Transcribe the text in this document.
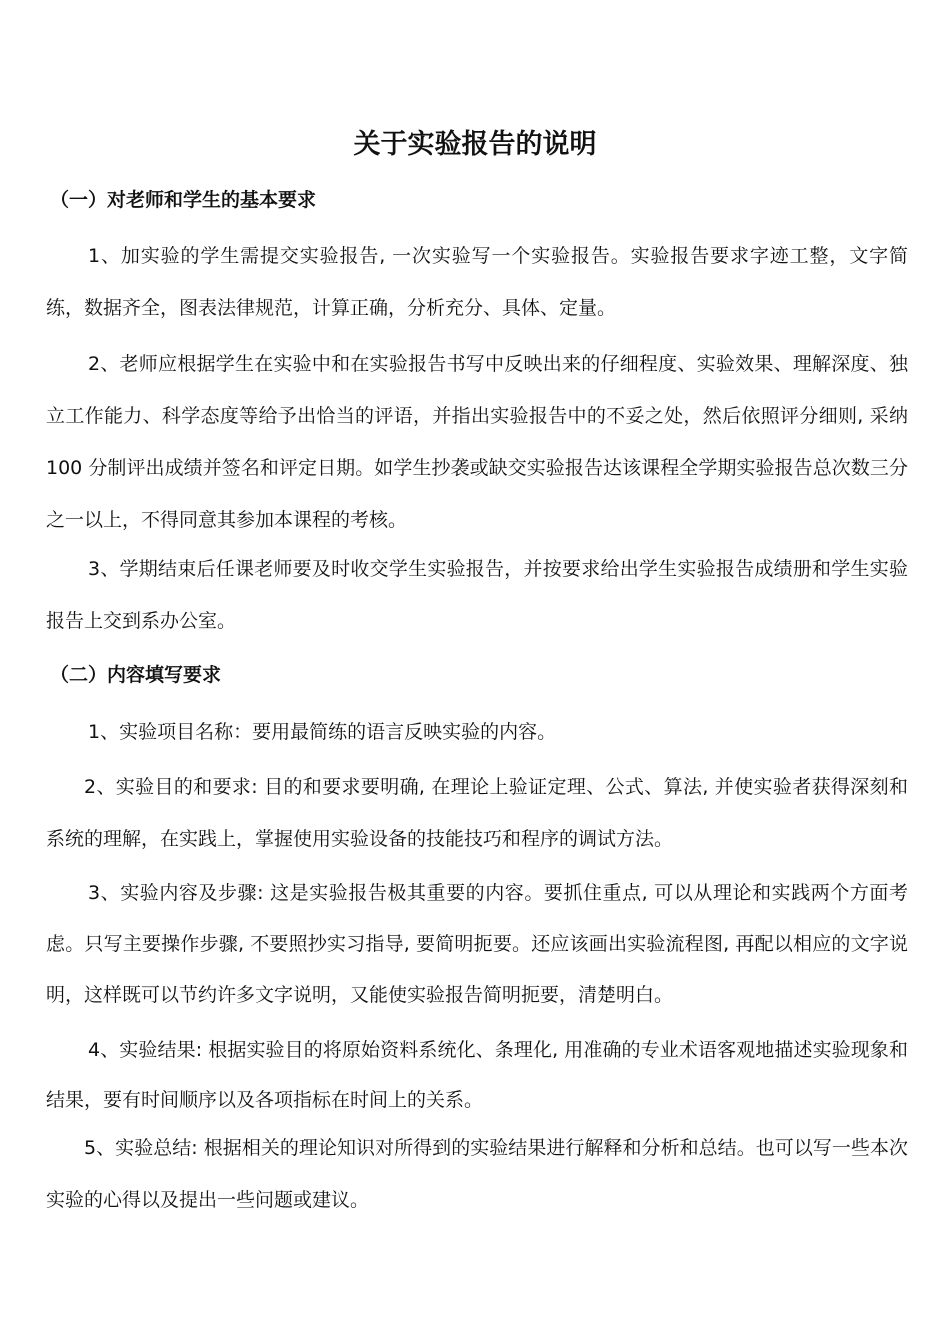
关于实验报告的说明
（一）对老师和学生的基本要求

1、加实验的学生需提交实验报告, 一次实验写一个实验报告。实验报告要求字迹工整，文字简练，数据齐全，图表法律规范，计算正确，分析充分、具体、定量。

2、老师应根据学生在实验中和在实验报告书写中反映出来的仔细程度、实验效果、理解深度、独立工作能力、科学态度等给予出恰当的评语，并指出实验报告中的不妥之处，然后依照评分细则, 采纳 100 分制评出成绩并签名和评定日期。如学生抄袭或缺交实验报告达该课程全学期实验报告总次数三分之一以上，不得同意其参加本课程的考核。

3、学期结束后任课老师要及时收交学生实验报告，并按要求给出学生实验报告成绩册和学生实验报告上交到系办公室。

（二）内容填写要求

1、实验项目名称：要用最简练的语言反映实验的内容。

2、实验目的和要求: 目的和要求要明确, 在理论上验证定理、公式、算法, 并使实验者获得深刻和系统的理解，在实践上，掌握使用实验设备的技能技巧和程序的调试方法。

3、实验内容及步骤: 这是实验报告极其重要的内容。要抓住重点, 可以从理论和实践两个方面考虑。只写主要操作步骤, 不要照抄实习指导, 要简明扼要。还应该画出实验流程图, 再配以相应的文字说明，这样既可以节约许多文字说明，又能使实验报告简明扼要，清楚明白。

4、实验结果: 根据实验目的将原始资料系统化、条理化, 用准确的专业术语客观地描述实验现象和结果，要有时间顺序以及各项指标在时间上的关系。

5、实验总结: 根据相关的理论知识对所得到的实验结果进行解释和分析和总结。也可以写一些本次实验的心得以及提出一些问题或建议。
